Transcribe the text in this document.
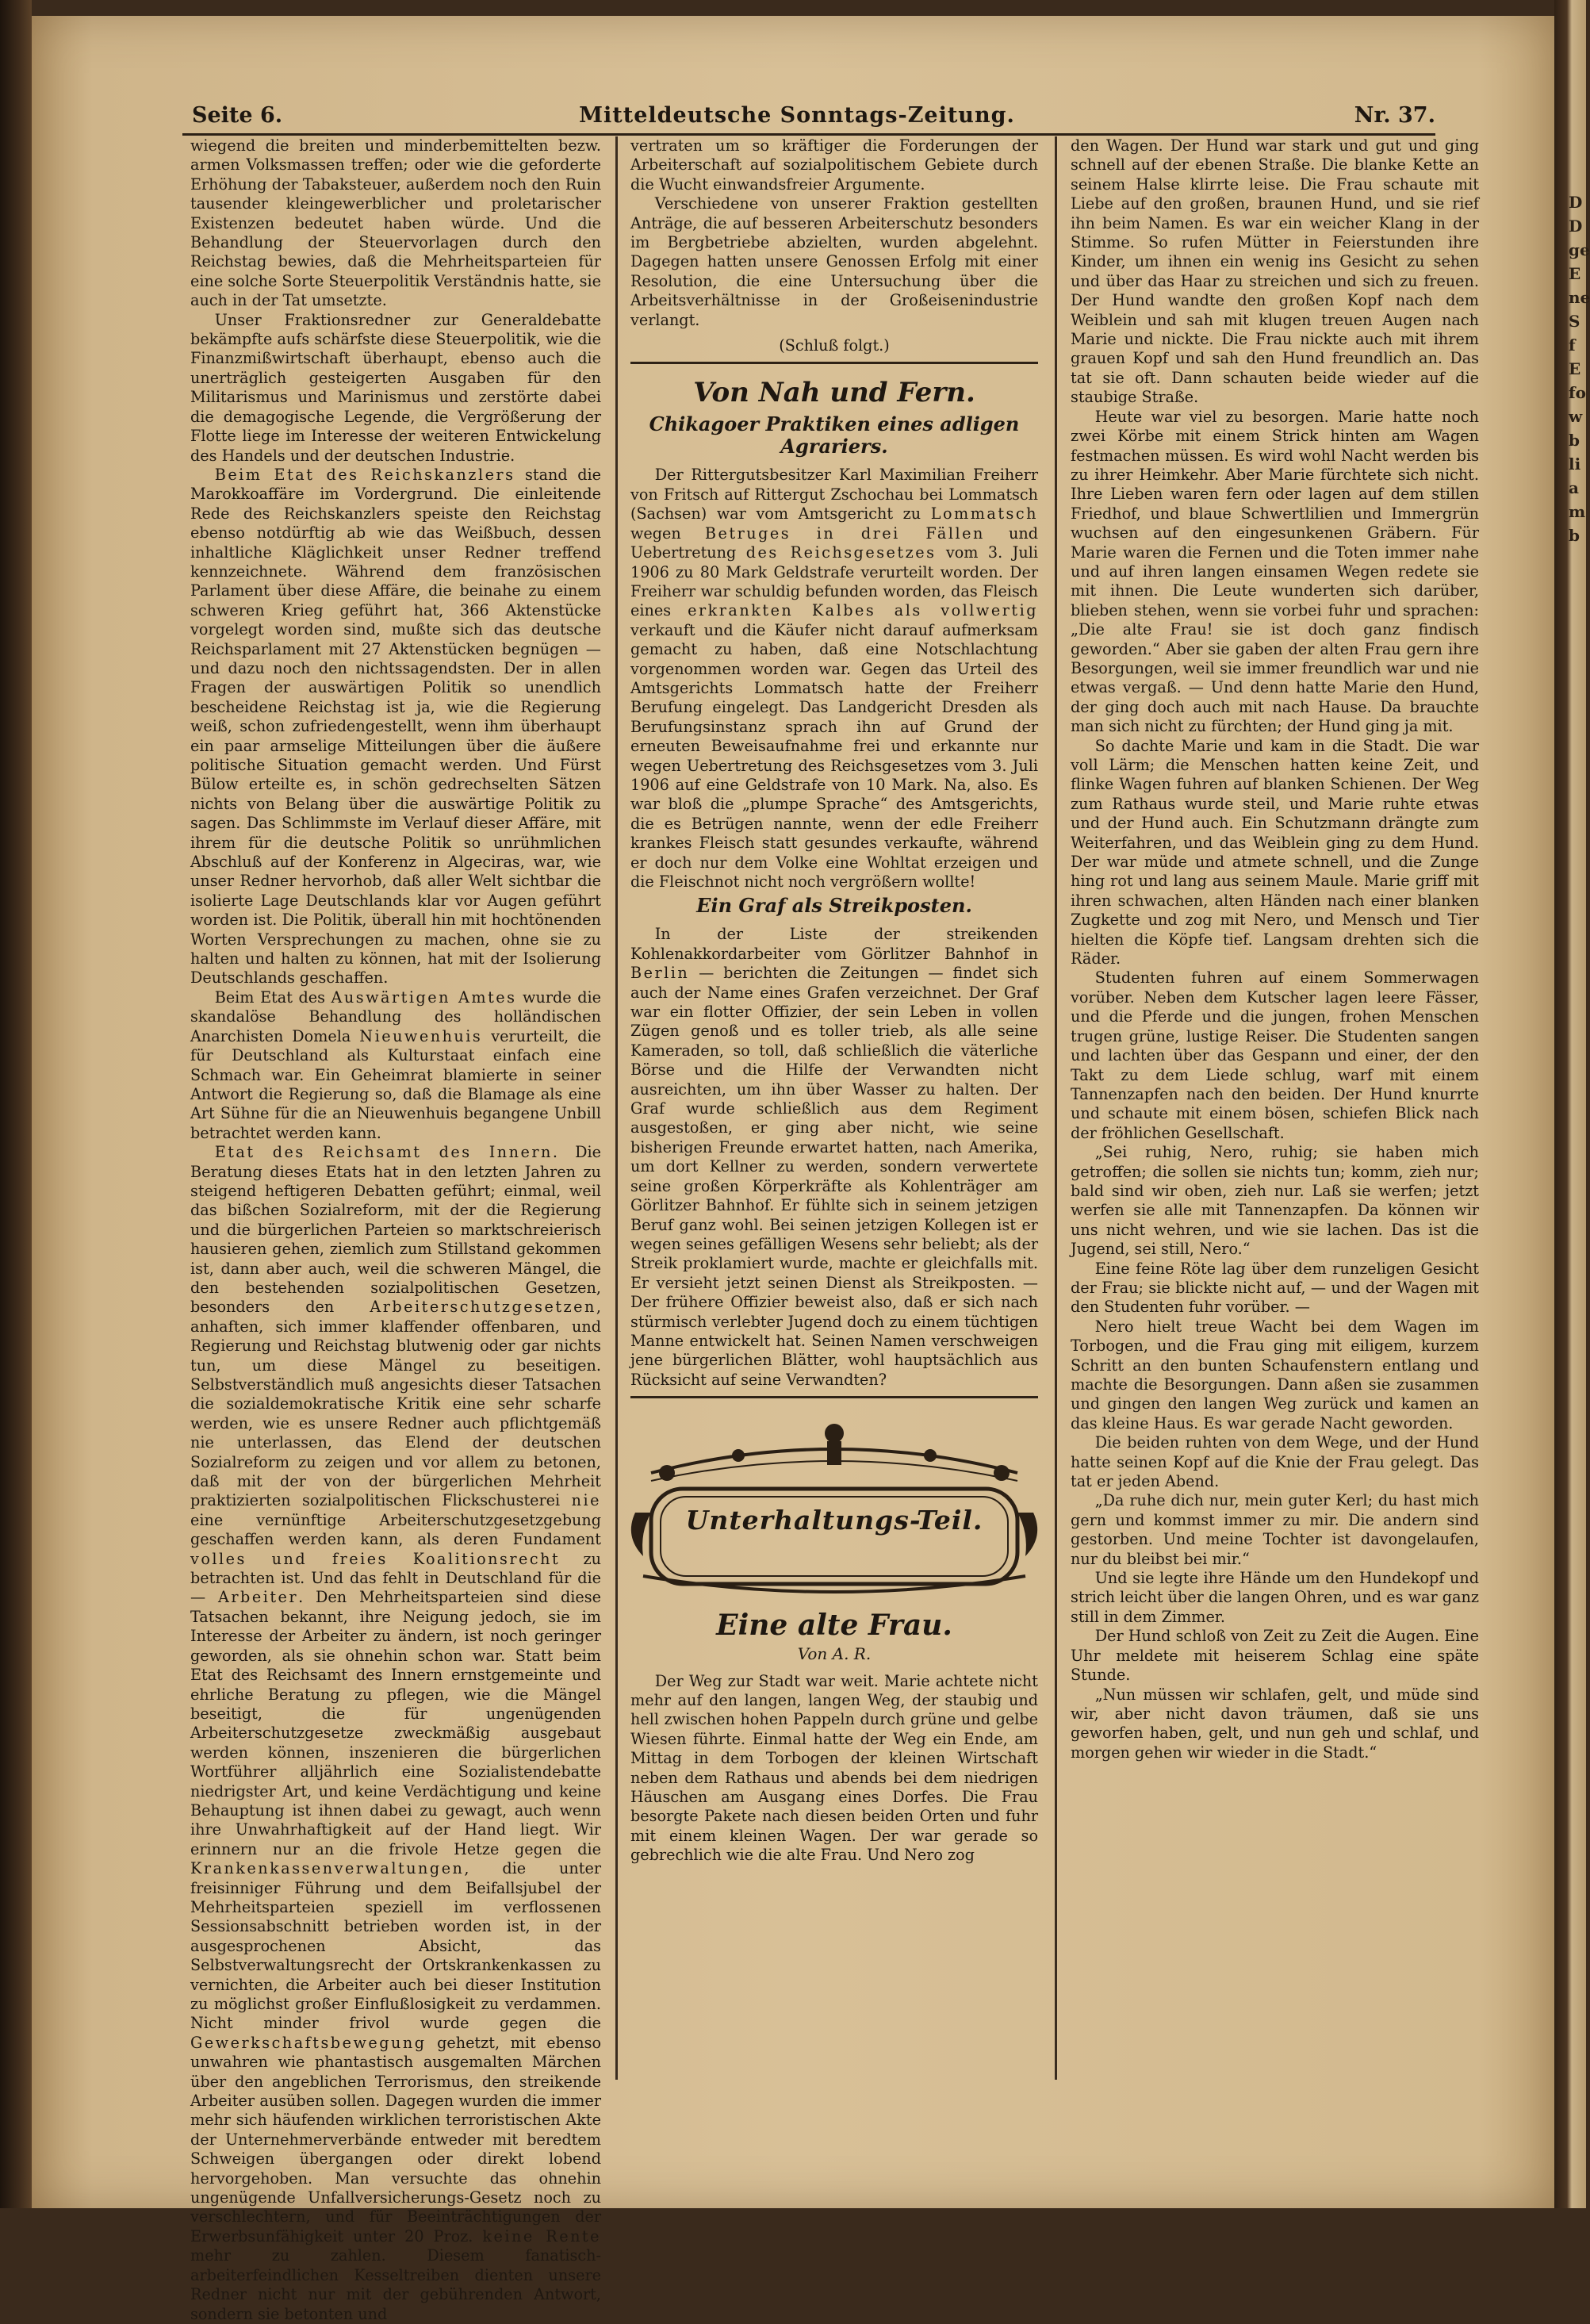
D
D
ge
E
ne
S
f
E
fo
w
b
li
a
m
b
Seite 6.	Mitteldeutsche Sonntags-Zeitung.	Nr. 37.

wiegend die breiten und minderbemittelten bezw. armen Volksmassen treffen; oder wie die geforderte Erhöhung der Tabaksteuer, außerdem noch den Ruin tausender kleingewerblicher und proletarischer Existenzen bedeutet haben würde. Und die Behandlung der Steuervorlagen durch den Reichstag bewies, daß die Mehrheitsparteien für eine solche Sorte Steuerpolitik Verständnis hatte, sie auch in der Tat umsetzte.

Unser Fraktionsredner zur Generaldebatte bekämpfte aufs schärfste diese Steuerpolitik, wie die Finanzmißwirtschaft überhaupt, ebenso auch die unerträglich gesteigerten Ausgaben für den Militarismus und Marinismus und zerstörte dabei die demagogische Legende, die Vergrößerung der Flotte liege im Interesse der weiteren Entwickelung des Handels und der deutschen Industrie.

Beim Etat des Reichskanzlers stand die Marokkoaffäre im Vordergrund. Die einleitende Rede des Reichskanzlers speiste den Reichstag ebenso notdürftig ab wie das Weißbuch, dessen inhaltliche Kläglichkeit unser Redner treffend kennzeichnete. Während dem französischen Parlament über diese Affäre, die beinahe zu einem schweren Krieg geführt hat, 366 Aktenstücke vorgelegt worden sind, mußte sich das deutsche Reichsparlament mit 27 Aktenstücken begnügen — und dazu noch den nichtssagendsten. Der in allen Fragen der auswärtigen Politik so unendlich bescheidene Reichstag ist ja, wie die Regierung weiß, schon zufriedengestellt, wenn ihm überhaupt ein paar armselige Mitteilungen über die äußere politische Situation gemacht werden. Und Fürst Bülow erteilte es, in schön gedrechselten Sätzen nichts von Belang über die auswärtige Politik zu sagen. Das Schlimmste im Verlauf dieser Affäre, mit ihrem für die deutsche Politik so unrühmlichen Abschluß auf der Konferenz in Algeciras, war, wie unser Redner hervorhob, daß aller Welt sichtbar die isolierte Lage Deutschlands klar vor Augen geführt worden ist. Die Politik, überall hin mit hochtönenden Worten Versprechungen zu machen, ohne sie zu halten und halten zu können, hat mit der Isolierung Deutschlands geschaffen.

Beim Etat des Auswärtigen Amtes wurde die skandalöse Behandlung des holländischen Anarchisten Domela Nieuwenhuis verurteilt, die für Deutschland als Kulturstaat einfach eine Schmach war. Ein Geheimrat blamierte in seiner Antwort die Regierung so, daß die Blamage als eine Art Sühne für die an Nieuwenhuis begangene Unbill betrachtet werden kann.

Etat des Reichsamt des Innern. Die Beratung dieses Etats hat in den letzten Jahren zu steigend heftigeren Debatten geführt; einmal, weil das bißchen Sozialreform, mit der die Regierung und die bürgerlichen Parteien so marktschreierisch hausieren gehen, ziemlich zum Stillstand gekommen ist, dann aber auch, weil die schweren Mängel, die den bestehenden sozialpolitischen Gesetzen, besonders den Arbeiterschutzgesetzen, anhaften, sich immer klaffender offenbaren, und Regierung und Reichstag blutwenig oder gar nichts tun, um diese Mängel zu beseitigen. Selbstverständlich muß angesichts dieser Tatsachen die sozialdemokratische Kritik eine sehr scharfe werden, wie es unsere Redner auch pflichtgemäß nie unterlassen, das Elend der deutschen Sozialreform zu zeigen und vor allem zu betonen, daß mit der von der bürgerlichen Mehrheit praktizierten sozialpolitischen Flickschusterei nie eine vernünftige Arbeiterschutzgesetzgebung geschaffen werden kann, als deren Fundament volles und freies Koalitionsrecht zu betrachten ist. Und das fehlt in Deutschland für die — Arbeiter. Den Mehrheitsparteien sind diese Tatsachen bekannt, ihre Neigung jedoch, sie im Interesse der Arbeiter zu ändern, ist noch geringer geworden, als sie ohnehin schon war. Statt beim Etat des Reichsamt des Innern ernstgemeinte und ehrliche Beratung zu pflegen, wie die Mängel beseitigt, die für ungenügenden Arbeiterschutzgesetze zweckmäßig ausgebaut werden können, inszenieren die bürgerlichen Wortführer alljährlich eine Sozialistendebatte niedrigster Art, und keine Verdächtigung und keine Behauptung ist ihnen dabei zu gewagt, auch wenn ihre Unwahrhaftigkeit auf der Hand liegt. Wir erinnern nur an die frivole Hetze gegen die Krankenkassenverwaltungen, die unter freisinniger Führung und dem Beifallsjubel der Mehrheitsparteien speziell im verflossenen Sessionsabschnitt betrieben worden ist, in der ausgesprochenen Absicht, das Selbstverwaltungsrecht der Ortskrankenkassen zu vernichten, die Arbeiter auch bei dieser Institution zu möglichst großer Einflußlosigkeit zu verdammen. Nicht minder frivol wurde gegen die Gewerkschaftsbewegung gehetzt, mit ebenso unwahren wie phantastisch ausgemalten Märchen über den angeblichen Terrorismus, den streikende Arbeiter ausüben sollen. Dagegen wurden die immer mehr sich häufenden wirklichen terroristischen Akte der Unternehmerverbände entweder mit beredtem Schweigen übergangen oder direkt lobend hervorgehoben. Man versuchte das ohnehin ungenügende Unfallversicherungs-Gesetz noch zu verschlechtern, und für Beeinträchtigungen der Erwerbsunfähigkeit unter 20 Proz. keine Rente mehr zu zahlen. Diesem fanatisch-arbeiterfeindlichen Kesseltreiben dienten unsere Redner nicht nur mit der gebührenden Antwort, sondern sie betonten und

vertraten um so kräftiger die Forderungen der Arbeiterschaft auf sozialpolitischem Gebiete durch die Wucht einwandsfreier Argumente.

Verschiedene von unserer Fraktion gestellten Anträge, die auf besseren Arbeiterschutz besonders im Bergbetriebe abzielten, wurden abgelehnt. Dagegen hatten unsere Genossen Erfolg mit einer Resolution, die eine Untersuchung über die Arbeitsverhältnisse in der Großeisenindustrie verlangt.

(Schluß folgt.)
Von Nah und Fern.
Chikagoer Praktiken eines adligen Agrariers.

Der Rittergutsbesitzer Karl Maximilian Freiherr von Fritsch auf Rittergut Zschochau bei Lommatsch (Sachsen) war vom Amtsgericht zu Lommatsch wegen Betruges in drei Fällen und Uebertretung des Reichsgesetzes vom 3. Juli 1906 zu 80 Mark Geldstrafe verurteilt worden. Der Freiherr war schuldig befunden worden, das Fleisch eines erkrankten Kalbes als vollwertig verkauft und die Käufer nicht darauf aufmerksam gemacht zu haben, daß eine Notschlachtung vorgenommen worden war. Gegen das Urteil des Amtsgerichts Lommatsch hatte der Freiherr Berufung eingelegt. Das Landgericht Dresden als Berufungsinstanz sprach ihn auf Grund der erneuten Beweisaufnahme frei und erkannte nur wegen Uebertretung des Reichsgesetzes vom 3. Juli 1906 auf eine Geldstrafe von 10 Mark. Na, also. Es war bloß die „plumpe Sprache“ des Amtsgerichts, die es Betrügen nannte, wenn der edle Freiherr krankes Fleisch statt gesundes verkaufte, während er doch nur dem Volke eine Wohltat erzeigen und die Fleischnot nicht noch vergrößern wollte!

Ein Graf als Streikposten.

In der Liste der streikenden Kohlenakkordarbeiter vom Görlitzer Bahnhof in Berlin — berichten die Zeitungen — findet sich auch der Name eines Grafen verzeichnet. Der Graf war ein flotter Offizier, der sein Leben in vollen Zügen genoß und es toller trieb, als alle seine Kameraden, so toll, daß schließlich die väterliche Börse und die Hilfe der Verwandten nicht ausreichten, um ihn über Wasser zu halten. Der Graf wurde schließlich aus dem Regiment ausgestoßen, er ging aber nicht, wie seine bisherigen Freunde erwartet hatten, nach Amerika, um dort Kellner zu werden, sondern verwertete seine großen Körperkräfte als Kohlenträger am Görlitzer Bahnhof. Er fühlte sich in seinem jetzigen Beruf ganz wohl. Bei seinen jetzigen Kollegen ist er wegen seines gefälligen Wesens sehr beliebt; als der Streik proklamiert wurde, machte er gleichfalls mit. Er versieht jetzt seinen Dienst als Streikposten. — Der frühere Offizier beweist also, daß er sich nach stürmisch verlebter Jugend doch zu einem tüchtigen Manne entwickelt hat. Seinen Namen verschweigen jene bürgerlichen Blätter, wohl hauptsächlich aus Rücksicht auf seine Verwandten?

Unterhaltungs-Teil.
Eine alte Frau.
Von A. R.

Der Weg zur Stadt war weit. Marie achtete nicht mehr auf den langen, langen Weg, der staubig und hell zwischen hohen Pappeln durch grüne und gelbe Wiesen führte. Einmal hatte der Weg ein Ende, am Mittag in dem Torbogen der kleinen Wirtschaft neben dem Rathaus und abends bei dem niedrigen Häuschen am Ausgang eines Dorfes. Die Frau besorgte Pakete nach diesen beiden Orten und fuhr mit einem kleinen Wagen. Der war gerade so gebrechlich wie die alte Frau. Und Nero zog

den Wagen. Der Hund war stark und gut und ging schnell auf der ebenen Straße. Die blanke Kette an seinem Halse klirrte leise. Die Frau schaute mit Liebe auf den großen, braunen Hund, und sie rief ihn beim Namen. Es war ein weicher Klang in der Stimme. So rufen Mütter in Feierstunden ihre Kinder, um ihnen ein wenig ins Gesicht zu sehen und über das Haar zu streichen und sich zu freuen. Der Hund wandte den großen Kopf nach dem Weiblein und sah mit klugen treuen Augen nach Marie und nickte. Die Frau nickte auch mit ihrem grauen Kopf und sah den Hund freundlich an. Das tat sie oft. Dann schauten beide wieder auf die staubige Straße.

Heute war viel zu besorgen. Marie hatte noch zwei Körbe mit einem Strick hinten am Wagen festmachen müssen. Es wird wohl Nacht werden bis zu ihrer Heimkehr. Aber Marie fürchtete sich nicht. Ihre Lieben waren fern oder lagen auf dem stillen Friedhof, und blaue Schwertlilien und Immergrün wuchsen auf den eingesunkenen Gräbern. Für Marie waren die Fernen und die Toten immer nahe und auf ihren langen einsamen Wegen redete sie mit ihnen. Die Leute wunderten sich darüber, blieben stehen, wenn sie vorbei fuhr und sprachen: „Die alte Frau! sie ist doch ganz findisch geworden.“ Aber sie gaben der alten Frau gern ihre Besorgungen, weil sie immer freundlich war und nie etwas vergaß. — Und denn hatte Marie den Hund, der ging doch auch mit nach Hause. Da brauchte man sich nicht zu fürchten; der Hund ging ja mit.

So dachte Marie und kam in die Stadt. Die war voll Lärm; die Menschen hatten keine Zeit, und flinke Wagen fuhren auf blanken Schienen. Der Weg zum Rathaus wurde steil, und Marie ruhte etwas und der Hund auch. Ein Schutzmann drängte zum Weiterfahren, und das Weiblein ging zu dem Hund. Der war müde und atmete schnell, und die Zunge hing rot und lang aus seinem Maule. Marie griff mit ihren schwachen, alten Händen nach einer blanken Zugkette und zog mit Nero, und Mensch und Tier hielten die Köpfe tief. Langsam drehten sich die Räder.

Studenten fuhren auf einem Sommerwagen vorüber. Neben dem Kutscher lagen leere Fässer, und die Pferde und die jungen, frohen Menschen trugen grüne, lustige Reiser. Die Studenten sangen und lachten über das Gespann und einer, der den Takt zu dem Liede schlug, warf mit einem Tannenzapfen nach den beiden. Der Hund knurrte und schaute mit einem bösen, schiefen Blick nach der fröhlichen Gesellschaft.

„Sei ruhig, Nero, ruhig; sie haben mich getroffen; die sollen sie nichts tun; komm, zieh nur; bald sind wir oben, zieh nur. Laß sie werfen; jetzt werfen sie alle mit Tannenzapfen. Da können wir uns nicht wehren, und wie sie lachen. Das ist die Jugend, sei still, Nero.“

Eine feine Röte lag über dem runzeligen Gesicht der Frau; sie blickte nicht auf, — und der Wagen mit den Studenten fuhr vorüber. —

Nero hielt treue Wacht bei dem Wagen im Torbogen, und die Frau ging mit eiligem, kurzem Schritt an den bunten Schaufenstern entlang und machte die Besorgungen. Dann aßen sie zusammen und gingen den langen Weg zurück und kamen an das kleine Haus. Es war gerade Nacht geworden.

Die beiden ruhten von dem Wege, und der Hund hatte seinen Kopf auf die Knie der Frau gelegt. Das tat er jeden Abend.

„Da ruhe dich nur, mein guter Kerl; du hast mich gern und kommst immer zu mir. Die andern sind gestorben. Und meine Tochter ist davongelaufen, nur du bleibst bei mir.“

Und sie legte ihre Hände um den Hundekopf und strich leicht über die langen Ohren, und es war ganz still in dem Zimmer.

Der Hund schloß von Zeit zu Zeit die Augen. Eine Uhr meldete mit heiserem Schlag eine späte Stunde.

„Nun müssen wir schlafen, gelt, und müde sind wir, aber nicht davon träumen, daß sie uns geworfen haben, gelt, und nun geh und schlaf, und morgen gehen wir wieder in die Stadt.“
